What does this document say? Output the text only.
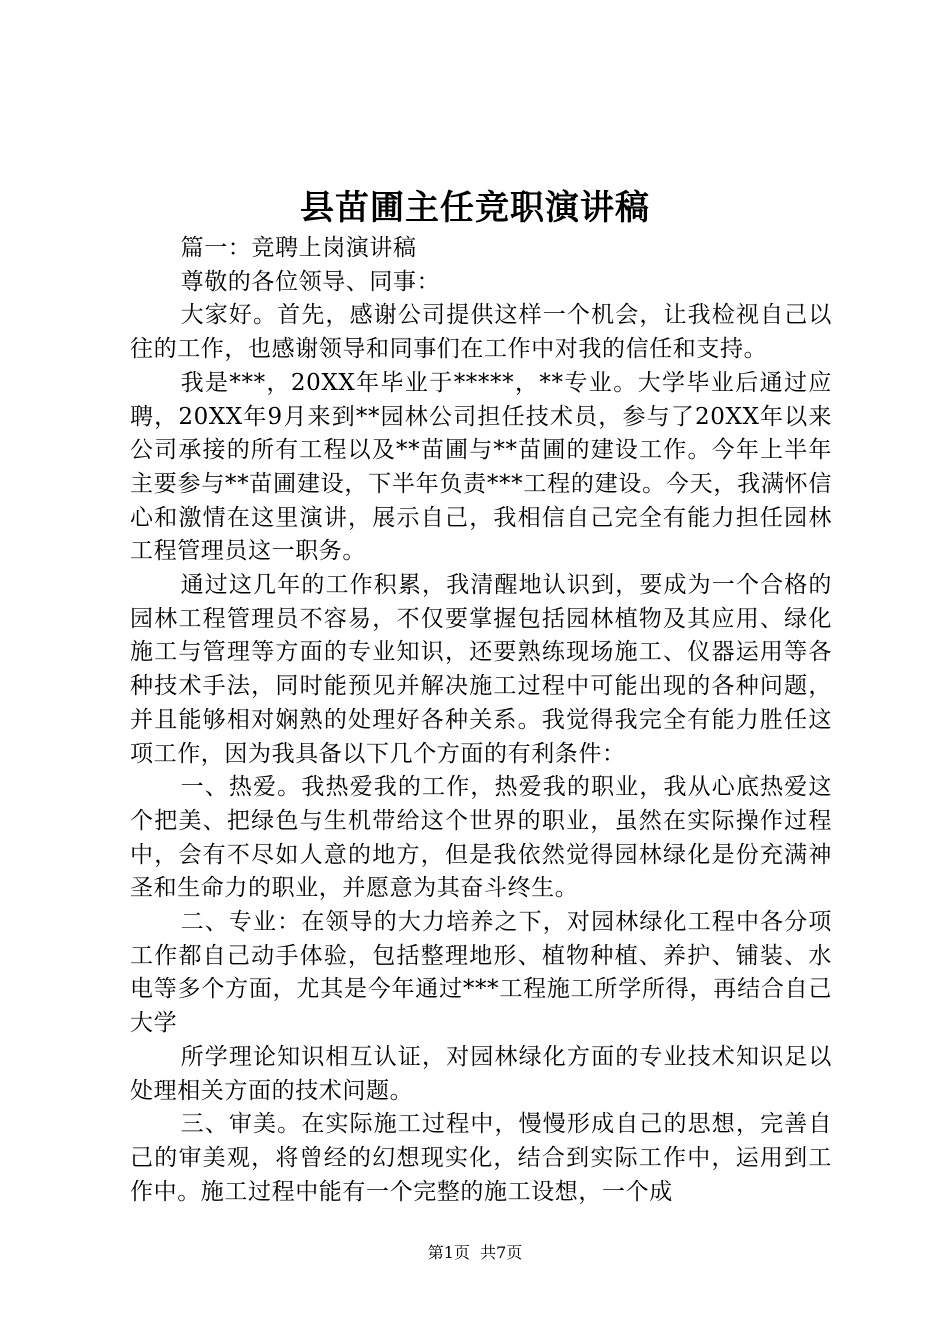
县苗圃主任竞职演讲稿

篇一：竞聘上岗演讲稿

尊敬的各位领导、同事：

大家好。首先，感谢公司提供这样一个机会，让我检视自己以往的工作，也感谢领导和同事们在工作中对我的信任和支持。

我是***，20XX年毕业于*****，**专业。大学毕业后通过应聘，20XX年9月来到**园林公司担任技术员，参与了20XX年以来公司承接的所有工程以及**苗圃与**苗圃的建设工作。今年上半年主要参与**苗圃建设，下半年负责***工程的建设。今天，我满怀信心和激情在这里演讲，展示自己，我相信自己完全有能力担任园林工程管理员这一职务。

通过这几年的工作积累，我清醒地认识到，要成为一个合格的园林工程管理员不容易，不仅要掌握包括园林植物及其应用、绿化施工与管理等方面的专业知识，还要熟练现场施工、仪器运用等各种技术手法，同时能预见并解决施工过程中可能出现的各种问题，并且能够相对娴熟的处理好各种关系。我觉得我完全有能力胜任这项工作，因为我具备以下几个方面的有利条件：

一、热爱。我热爱我的工作，热爱我的职业，我从心底热爱这个把美、把绿色与生机带给这个世界的职业，虽然在实际操作过程中，会有不尽如人意的地方，但是我依然觉得园林绿化是份充满神圣和生命力的职业，并愿意为其奋斗终生。

二、专业：在领导的大力培养之下，对园林绿化工程中各分项工作都自己动手体验，包括整理地形、植物种植、养护、铺装、水电等多个方面，尤其是今年通过***工程施工所学所得，再结合自己大学

所学理论知识相互认证，对园林绿化方面的专业技术知识足以处理相关方面的技术问题。

三、审美。在实际施工过程中，慢慢形成自己的思想，完善自己的审美观，将曾经的幻想现实化，结合到实际工作中，运用到工作中。施工过程中能有一个完整的施工设想，一个成

第1页 共7页
